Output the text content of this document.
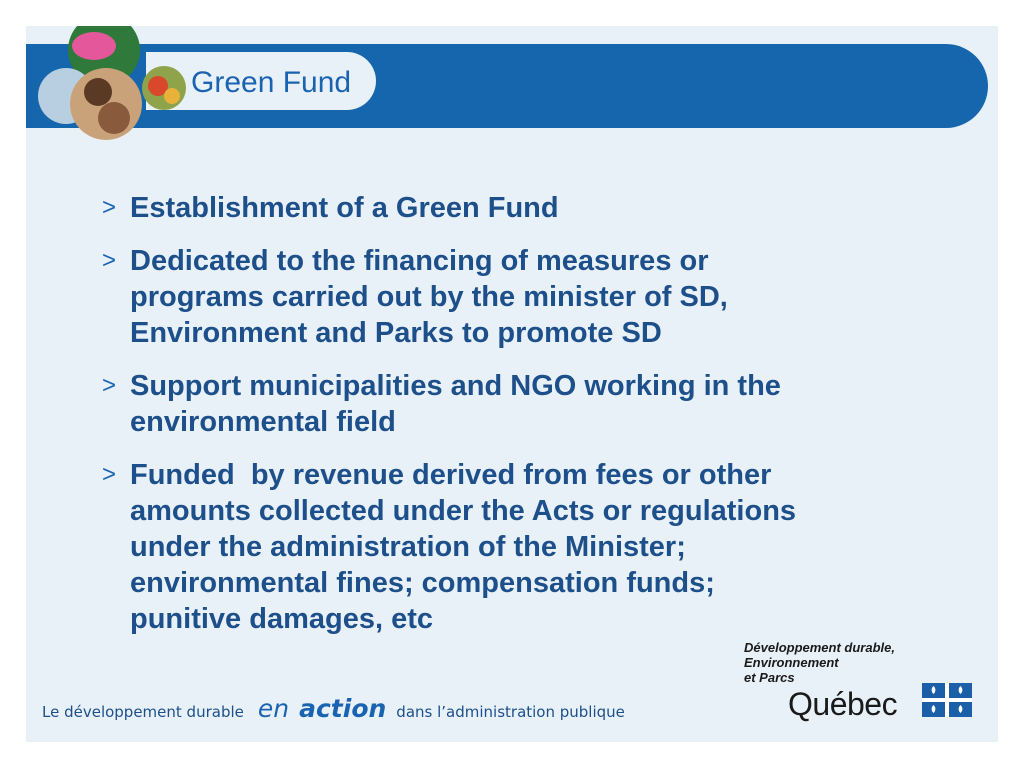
Green Fund
> Establishment of a Green Fund
> Dedicated to the financing of measures or
programs carried out by the minister of SD,
Environment and Parks to promote SD
> Support municipalities and NGO working in the
environmental field
> Funded  by revenue derived from fees or other
amounts collected under the Acts or regulations
under the administration of the Minister;
environmental fines; compensation funds;
punitive damages, etc
Le développement durable en action dans l’administration publique
Développement durable,
Environnement
et Parcs
Québec
